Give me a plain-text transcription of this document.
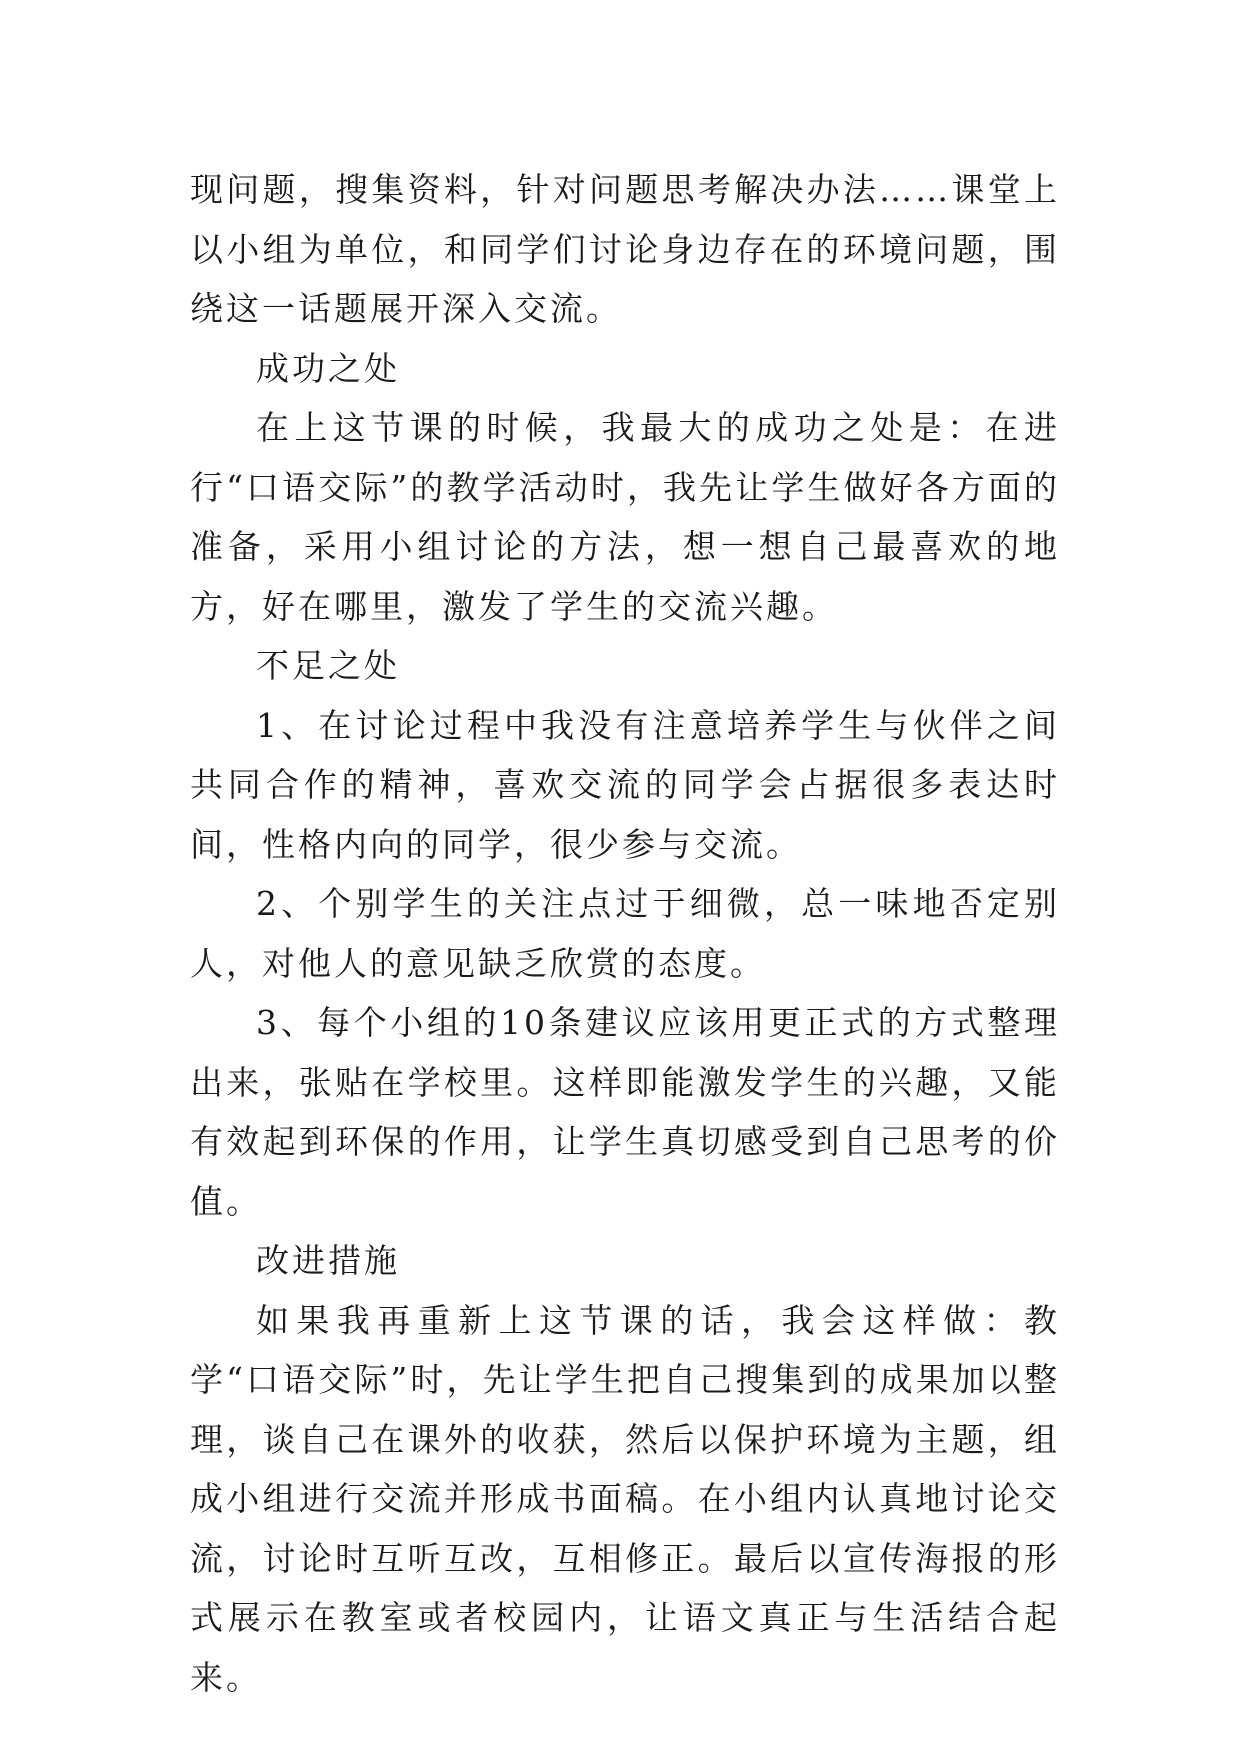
现问题，搜集资料，针对问题思考解决办法……课堂上以小组为单位，和同学们讨论身边存在的环境问题，围绕这一话题展开深入交流。

成功之处

在上这节课的时候，我最大的成功之处是：在进行“口语交际”的教学活动时，我先让学生做好各方面的准备，采用小组讨论的方法，想一想自己最喜欢的地方，好在哪里，激发了学生的交流兴趣。

不足之处

1、在讨论过程中我没有注意培养学生与伙伴之间共同合作的精神，喜欢交流的同学会占据很多表达时间，性格内向的同学，很少参与交流。

2、个别学生的关注点过于细微，总一味地否定别人，对他人的意见缺乏欣赏的态度。

3、每个小组的10条建议应该用更正式的方式整理出来，张贴在学校里。这样即能激发学生的兴趣，又能有效起到环保的作用，让学生真切感受到自己思考的价值。

改进措施

如果我再重新上这节课的话，我会这样做：教学“口语交际”时，先让学生把自己搜集到的成果加以整理，谈自己在课外的收获，然后以保护环境为主题，组成小组进行交流并形成书面稿。在小组内认真地讨论交流，讨论时互听互改，互相修正。最后以宣传海报的形式展示在教室或者校园内，让语文真正与生活结合起来。
